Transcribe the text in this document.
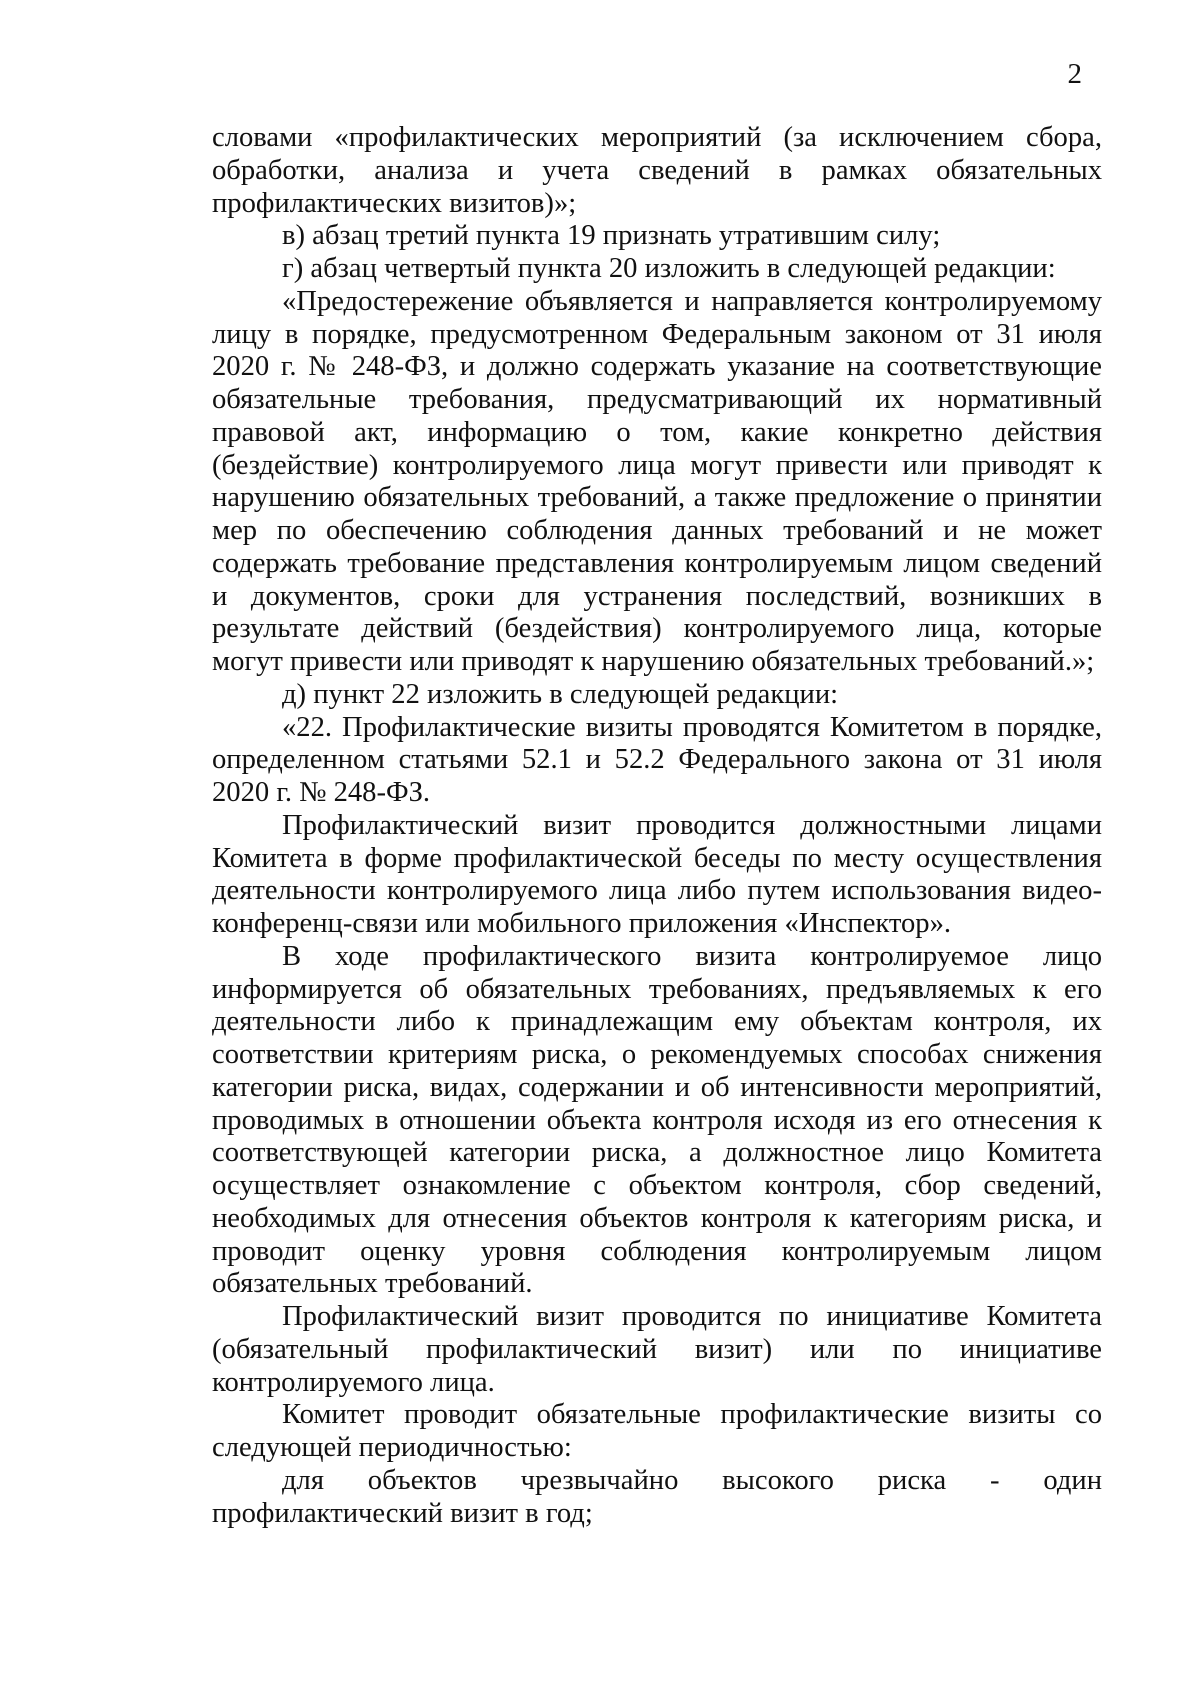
2

словами «профилактических мероприятий (за исключением сбора, обработки, анализа и учета сведений в рамках обязательных профилактических визитов)»;

в) абзац третий пункта 19 признать утратившим силу;

г) абзац четвертый пункта 20 изложить в следующей редакции:

«Предостережение объявляется и направляется контролируемому лицу в порядке, предусмотренном Федеральным законом от 31 июля 2020 г. № 248-ФЗ, и должно содержать указание на соответствующие обязательные требования, предусматривающий их нормативный правовой акт, информацию о том, какие конкретно действия (бездействие) контролируемого лица могут привести или приводят к нарушению обязательных требований, а также предложение о принятии мер по обеспечению соблюдения данных требований и не может содержать требование представления контролируемым лицом сведений и документов, сроки для устранения последствий, возникших в результате действий (бездействия) контролируемого лица, которые могут привести или приводят к нарушению обязательных требований.»;

д) пункт 22 изложить в следующей редакции:

«22. Профилактические визиты проводятся Комитетом в порядке, определенном статьями 52.1 и 52.2 Федерального закона от 31 июля 2020 г. № 248-ФЗ.

Профилактический визит проводится должностными лицами Комитета в форме профилактической беседы по месту осуществления деятельности контролируемого лица либо путем использования видео-конференц-связи или мобильного приложения «Инспектор».

В ходе профилактического визита контролируемое лицо информируется об обязательных требованиях, предъявляемых к его деятельности либо к принадлежащим ему объектам контроля, их соответствии критериям риска, о рекомендуемых способах снижения категории риска, видах, содержании и об интенсивности мероприятий, проводимых в отношении объекта контроля исходя из его отнесения к соответствующей категории риска, а должностное лицо Комитета осуществляет ознакомление с объектом контроля, сбор сведений, необходимых для отнесения объектов контроля к категориям риска, и проводит оценку уровня соблюдения контролируемым лицом обязательных требований.

Профилактический визит проводится по инициативе Комитета (обязательный профилактический визит) или по инициативе контролируемого лица.

Комитет проводит обязательные профилактические визиты со следующей периодичностью:

для объектов чрезвычайно высокого риска - один профилактический визит в год;
